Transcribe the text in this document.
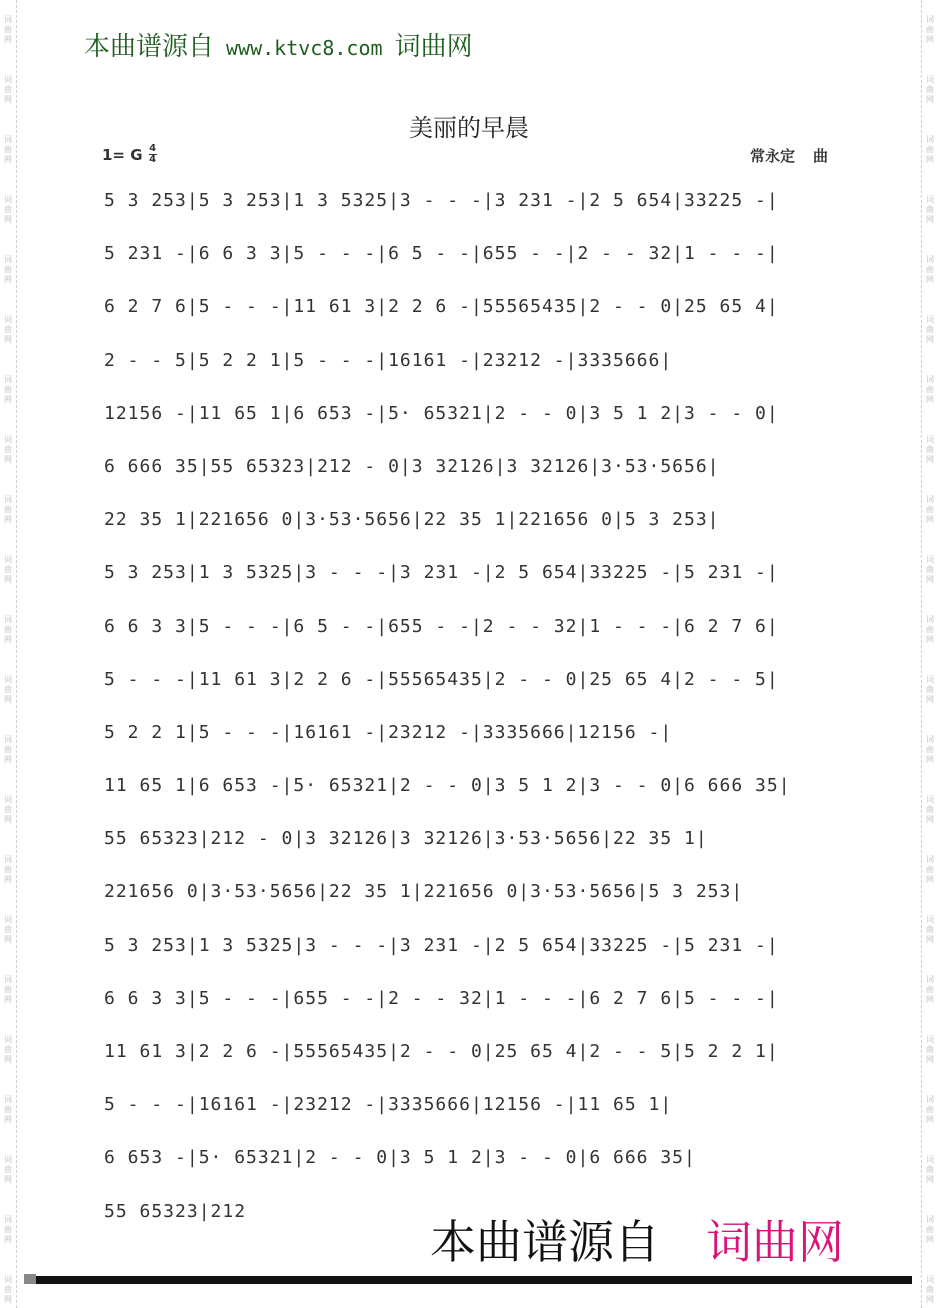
词
曲
网
词
曲
网
词
曲
网
词
曲
网
词
曲
网
词
曲
网
词
曲
网
词
曲
网
词
曲
网
词
曲
网
词
曲
网
词
曲
网
词
曲
网
词
曲
网
词
曲
网
词
曲
网
词
曲
网
词
曲
网
词
曲
网
词
曲
网
词
曲
网
词
曲
网
词
曲
网
词
曲
网
词
曲
网
词
曲
网
词
曲
网
词
曲
网
词
曲
网
词
曲
网
词
曲
网
词
曲
网
词
曲
网
词
曲
网
词
曲
网
词
曲
网
词
曲
网
词
曲
网
词
曲
网
词
曲
网
词
曲
网
词
曲
网
词
曲
网
词
曲
网
本曲谱源自 www.ktvc8.com 词曲网
美丽的早晨
1= G 4
4	常永定 曲
5 3 253|5 3 253|1 3 5325|3 - - -|3 231 -|2 5 654|33225 -|
5 231 -|6 6 3 3|5 - - -|6 5 - -|655 - -|2 - - 32|1 - - -|
6 2 7 6|5 - - -|11 61 3|2 2 6 -|55565435|2 - - 0|25 65 4|
2 - - 5|5 2 2 1|5 - - -|16161 -|23212 -|3335666|
12156 -|11 65 1|6 653 -|5· 65321|2 - - 0|3 5 1 2|3 - - 0|
6 666 35|55 65323|212 - 0|3 32126|3 32126|3·53·5656|
22 35 1|221656 0|3·53·5656|22 35 1|221656 0|5 3 253|
5 3 253|1 3 5325|3 - - -|3 231 -|2 5 654|33225 -|5 231 -|
6 6 3 3|5 - - -|6 5 - -|655 - -|2 - - 32|1 - - -|6 2 7 6|
5 - - -|11 61 3|2 2 6 -|55565435|2 - - 0|25 65 4|2 - - 5|
5 2 2 1|5 - - -|16161 -|23212 -|3335666|12156 -|
11 65 1|6 653 -|5· 65321|2 - - 0|3 5 1 2|3 - - 0|6 666 35|
55 65323|212 - 0|3 32126|3 32126|3·53·5656|22 35 1|
221656 0|3·53·5656|22 35 1|221656 0|3·53·5656|5 3 253|
5 3 253|1 3 5325|3 - - -|3 231 -|2 5 654|33225 -|5 231 -|
6 6 3 3|5 - - -|655 - -|2 - - 32|1 - - -|6 2 7 6|5 - - -|
11 61 3|2 2 6 -|55565435|2 - - 0|25 65 4|2 - - 5|5 2 2 1|
5 - - -|16161 -|23212 -|3335666|12156 -|11 65 1|
6 653 -|5· 65321|2 - - 0|3 5 1 2|3 - - 0|6 666 35|
55 65323|212
本曲谱源自 词曲网
